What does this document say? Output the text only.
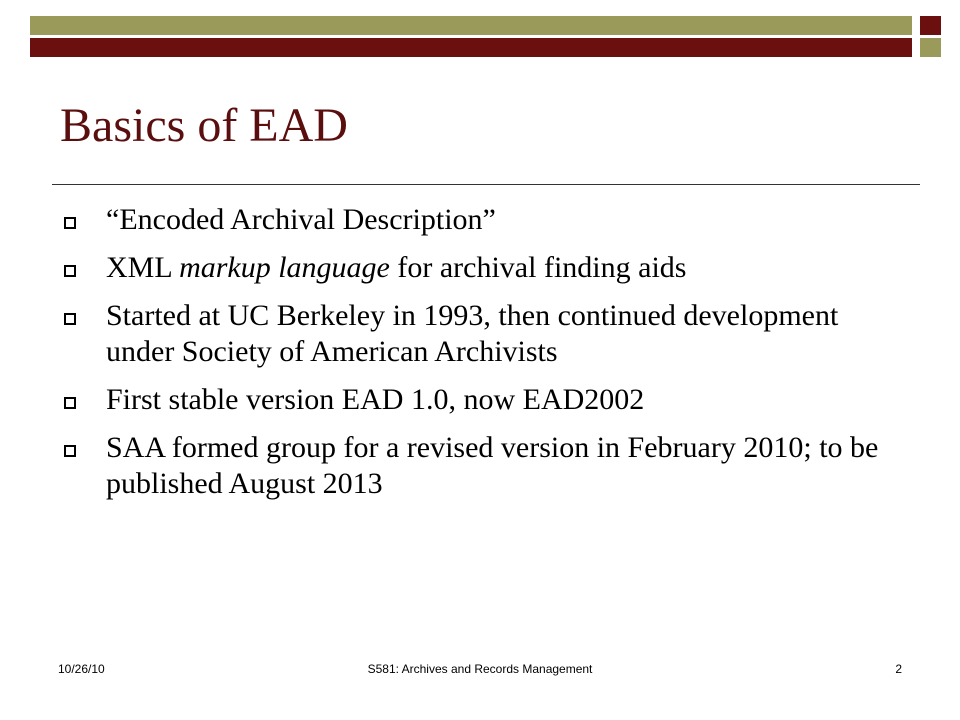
Basics of EAD
“Encoded Archival Description”
XML markup language for archival finding aids
Started at UC Berkeley in 1993, then continued development under Society of American Archivists
First stable version EAD 1.0, now EAD2002
SAA formed group for a revised version in February 2010; to be published August 2013
10/26/10	S581: Archives and Records Management	2
